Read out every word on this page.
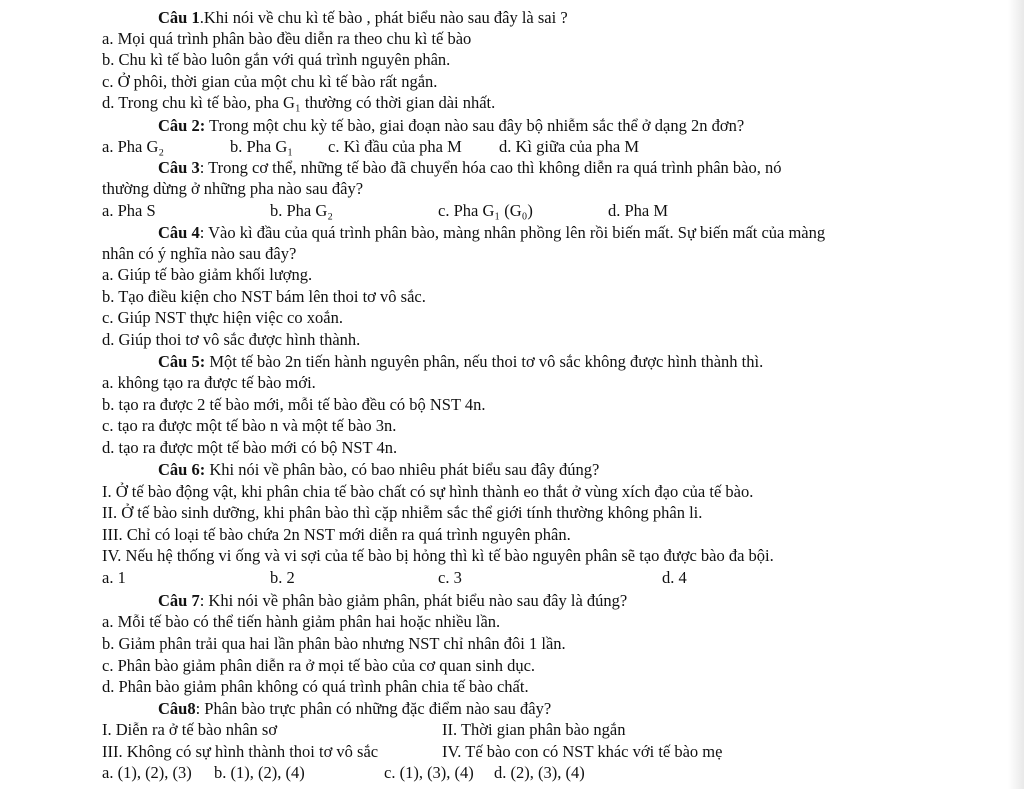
Câu 1.Khi nói về chu kì tế bào , phát biểu nào sau đây là sai ?
a. Mọi quá trình phân bào đều diễn ra theo chu kì tế bào
b. Chu kì tế bào luôn gắn với quá trình nguyên phân.
c. Ở phôi, thời gian của một chu kì tế bào rất ngắn.
d. Trong chu kì tế bào, pha G₁ thường có thời gian dài nhất.
Câu 2: Trong một chu kỳ tế bào, giai đoạn nào sau đây bộ nhiễm sắc thể ở dạng 2n đơn?
a. Pha G₂	b. Pha G₁ c. Kì đầu của pha M d. Kì giữa của pha M
Câu 3: Trong cơ thể, những tế bào đã chuyển hóa cao thì không diễn ra quá trình phân bào, nó
thường dừng ở những pha nào sau đây?
a. Pha S	b. Pha G₂	c. Pha G₁ (G₀)	d. Pha M
Câu 4: Vào kì đầu của quá trình phân bào, màng nhân phồng lên rồi biến mất. Sự biến mất của màng
nhân có ý nghĩa nào sau đây?
a. Giúp tế bào giảm khối lượng.
b. Tạo điều kiện cho NST bám lên thoi tơ vô sắc.
c. Giúp NST thực hiện việc co xoắn.
d. Giúp thoi tơ vô sắc được hình thành.
Câu 5: Một tế bào 2n tiến hành nguyên phân, nếu thoi tơ vô sắc không được hình thành thì.
a. không tạo ra được tế bào mới.
b. tạo ra được 2 tế bào mới, mỗi tế bào đều có bộ NST 4n.
c. tạo ra được một tế bào n và một tế bào 3n.
d. tạo ra được một tế bào mới có bộ NST 4n.
Câu 6: Khi nói về phân bào, có bao nhiêu phát biểu sau đây đúng?
I. Ở tế bào động vật, khi phân chia tế bào chất có sự hình thành eo thắt ở vùng xích đạo của tế bào.
II. Ở tế bào sinh dưỡng, khi phân bào thì cặp nhiễm sắc thể giới tính thường không phân li.
III. Chỉ có loại tế bào chứa 2n NST mới diễn ra quá trình nguyên phân.
IV. Nếu hệ thống vi ống và vi sợi của tế bào bị hỏng thì kì tế bào nguyên phân sẽ tạo được bào đa bội.
a. 1	b. 2	c. 3	d. 4
Câu 7: Khi nói về phân bào giảm phân, phát biểu nào sau đây là đúng?
a. Mỗi tế bào có thể tiến hành giảm phân hai hoặc nhiều lần.
b. Giảm phân trải qua hai lần phân bào nhưng NST chỉ nhân đôi 1 lần.
c. Phân bào giảm phân diễn ra ở mọi tế bào của cơ quan sinh dục.
d. Phân bào giảm phân không có quá trình phân chia tế bào chất.
Câu8: Phân bào trực phân có những đặc điểm nào sau đây?
I. Diễn ra ở tế bào nhân sơ	II. Thời gian phân bào ngắn
III. Không có sự hình thành thoi tơ vô sắc	IV. Tế bào con có NST khác với tế bào mẹ
a. (1), (2), (3) b. (1), (2), (4)	c. (1), (3), (4) d. (2), (3), (4)
